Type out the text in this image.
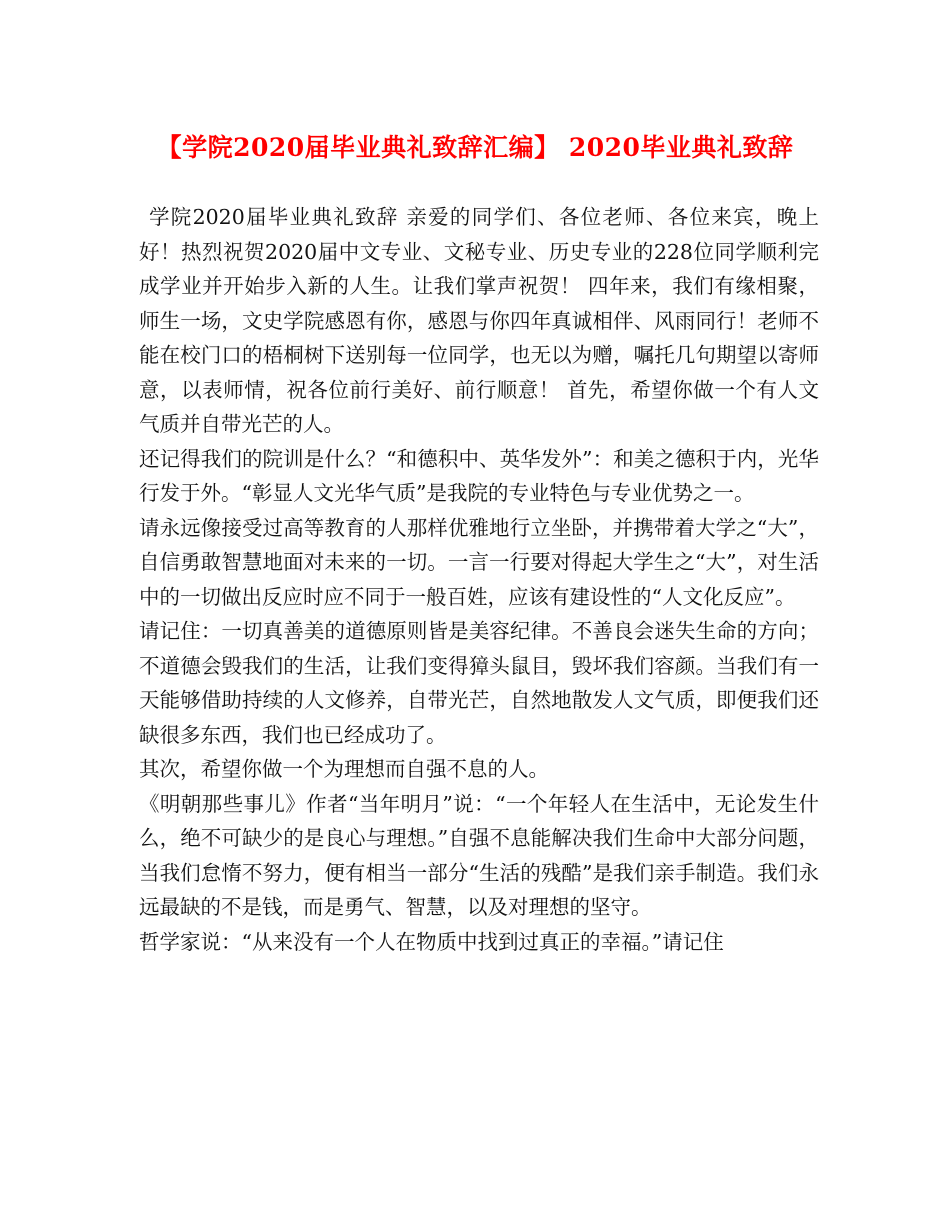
【学院2020届毕业典礼致辞汇编】 2020毕业典礼致辞

学院2020届毕业典礼致辞 亲爱的同学们、各位老师、各位来宾，晚上好！热烈祝贺2020届中文专业、文秘专业、历史专业的228位同学顺利完成学业并开始步入新的人生。让我们掌声祝贺！ 四年来，我们有缘相聚，师生一场，文史学院感恩有你，感恩与你四年真诚相伴、风雨同行！老师不能在校门口的梧桐树下送别每一位同学，也无以为赠，嘱托几句期望以寄师意，以表师情，祝各位前行美好、前行顺意！ 首先，希望你做一个有人文气质并自带光芒的人。

还记得我们的院训是什么？“和德积中、英华发外”：和美之德积于内，光华行发于外。“彰显人文光华气质”是我院的专业特色与专业优势之一。

请永远像接受过高等教育的人那样优雅地行立坐卧，并携带着大学之“大”，自信勇敢智慧地面对未来的一切。一言一行要对得起大学生之“大”，对生活中的一切做出反应时应不同于一般百姓，应该有建设性的“人文化反应”。

请记住：一切真善美的道德原则皆是美容纪律。不善良会迷失生命的方向；不道德会毁我们的生活，让我们变得獐头鼠目，毁坏我们容颜。当我们有一天能够借助持续的人文修养，自带光芒，自然地散发人文气质，即便我们还缺很多东西，我们也已经成功了。

其次，希望你做一个为理想而自强不息的人。

《明朝那些事儿》作者“当年明月”说：“一个年轻人在生活中，无论发生什么，绝不可缺少的是良心与理想。”自强不息能解决我们生命中大部分问题，当我们怠惰不努力，便有相当一部分“生活的残酷”是我们亲手制造。我们永远最缺的不是钱，而是勇气、智慧，以及对理想的坚守。

哲学家说：“从来没有一个人在物质中找到过真正的幸福。”请记住
